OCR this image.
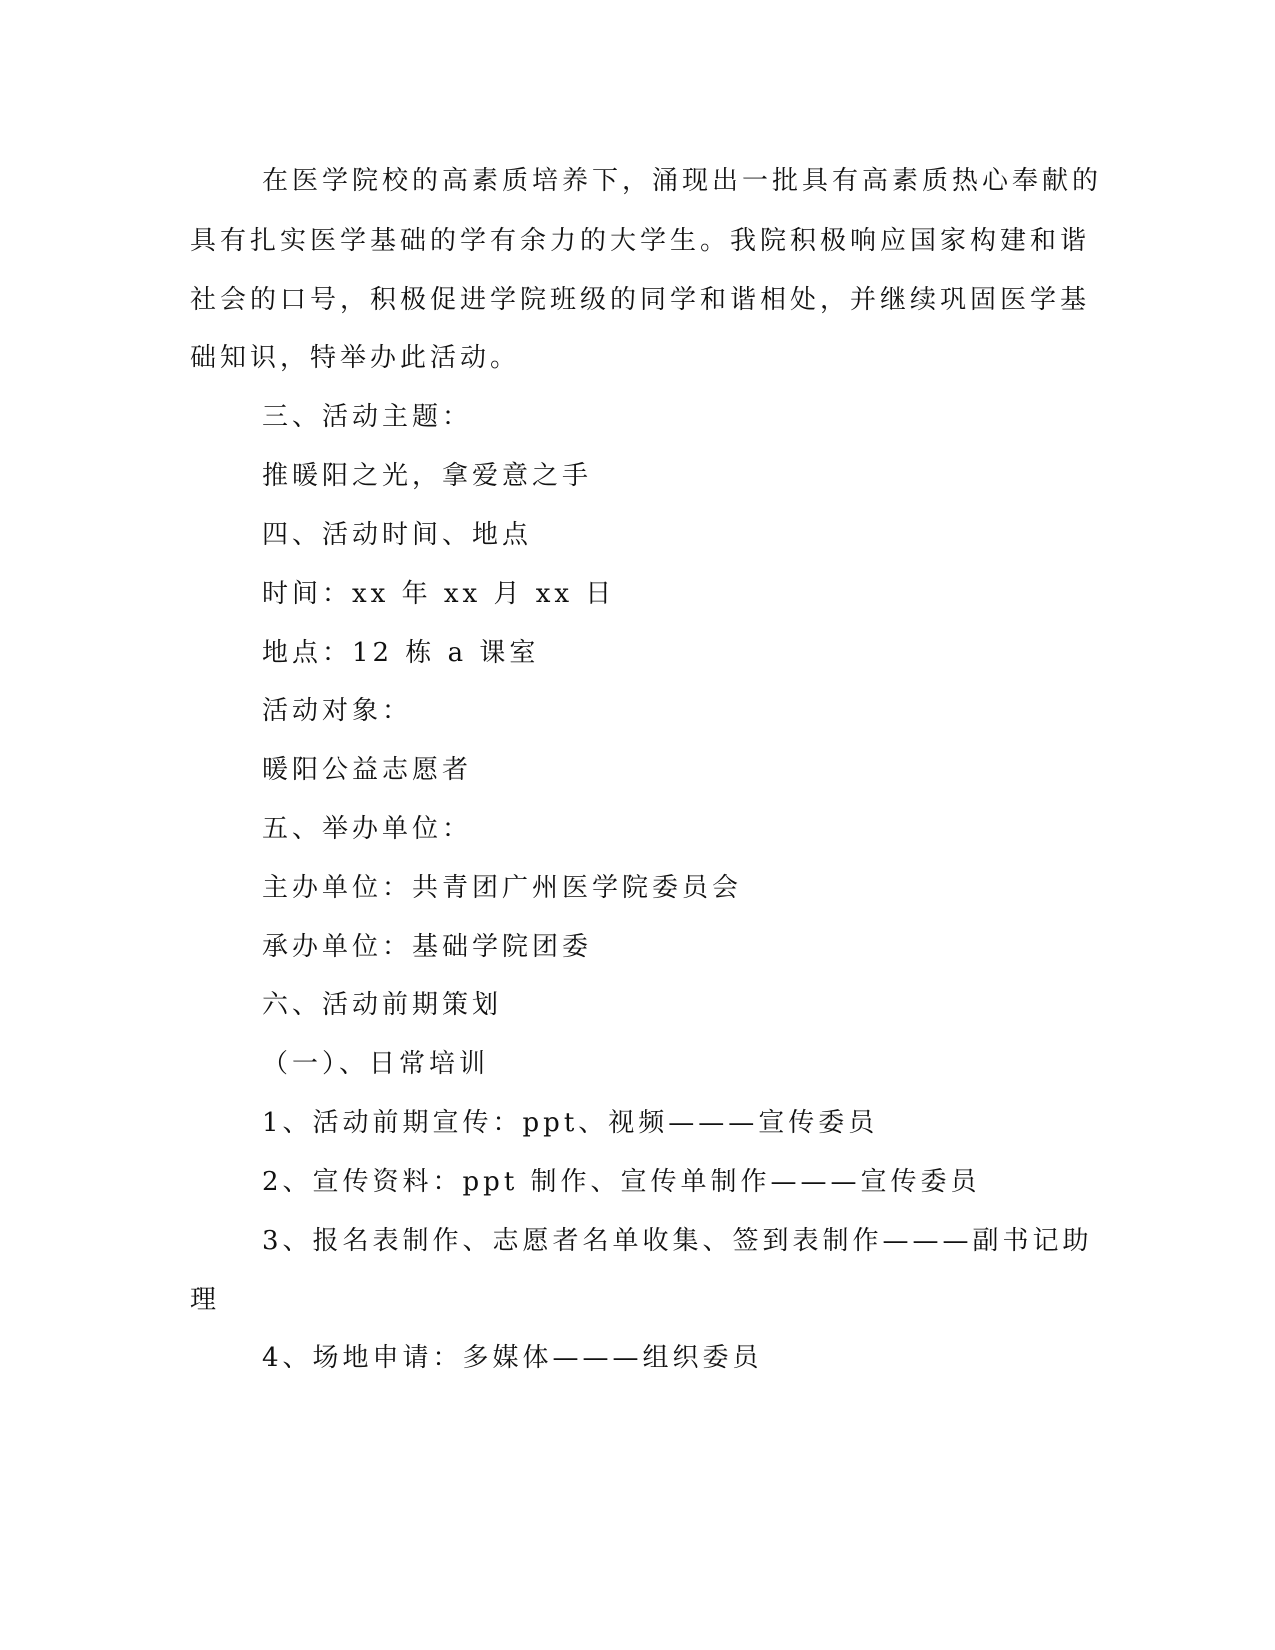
在医学院校的高素质培养下，涌现出一批具有高素质热心奉献的
具有扎实医学基础的学有余力的大学生。我院积极响应国家构建和谐
社会的口号，积极促进学院班级的同学和谐相处，并继续巩固医学基
础知识，特举办此活动。
三、活动主题：
推暖阳之光，拿爱意之手
四、活动时间、地点
时间：xx 年 xx 月 xx 日
地点：12 栋 a 课室
活动对象：
暖阳公益志愿者
五、举办单位：
主办单位：共青团广州医学院委员会
承办单位：基础学院团委
六、活动前期策划
（一）、日常培训
1、活动前期宣传：ppt、视频———宣传委员
2、宣传资料：ppt 制作、宣传单制作———宣传委员
3、报名表制作、志愿者名单收集、签到表制作———副书记助
理
4、场地申请：多媒体———组织委员
